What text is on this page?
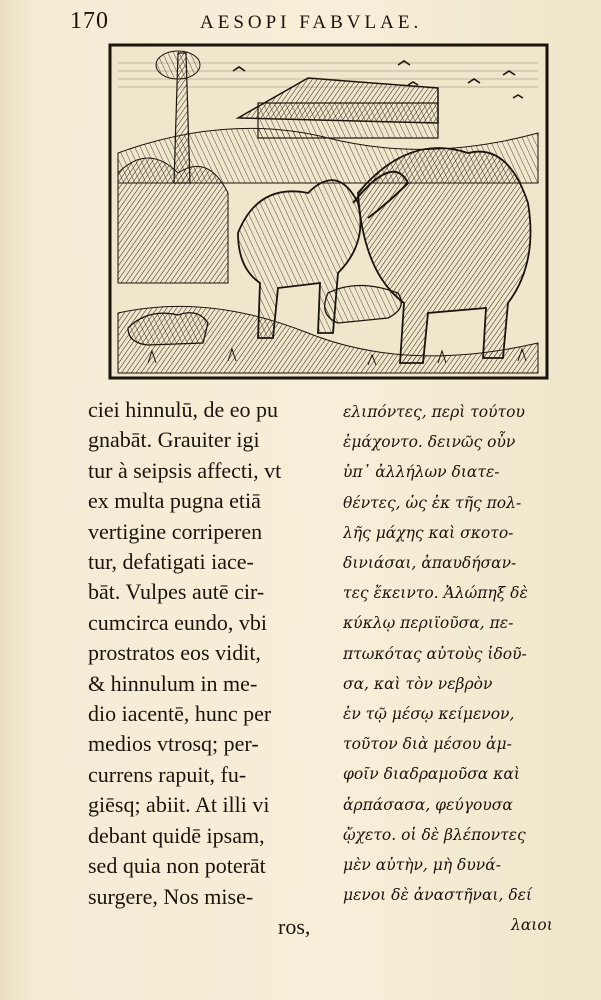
170	AESOPI FABVLAE.
ciei hinnulū, de eo pu
gnabāt. Grauiter igi
tur à seipsis affecti, vt
ex multa pugna etiā
vertigine corriperen
tur, defatigati iace-
bāt. Vulpes autē cir-
cumcirca eundo, vbi
prostratos eos vidit,
& hinnulum in me-
dio iacentē, hunc per
medios vtrosq; per-
currens rapuit, fu-
giēsq; abiit. At illi vi
debant quidē ipsam,
sed quia non poterāt
surgere, Nos mise-
ros,
ελιπόντες, περὶ τούτου
ἐμάχοντο. δεινῶς οὖν
ὑπ᾽ ἀλλήλων διατε-
θέντες, ὡς ἐκ τῆς πολ-
λῆς μάχης καὶ σκοτο-
δινιάσαι, ἀπαυδήσαν-
τες ἔκειντο. Ἀλώπηξ δὲ
κύκλῳ περιϊοῦσα, πε-
πτωκότας αὐτοὺς ἰδοῦ-
σα, καὶ τὸν νεβρὸν
ἐν τῷ μέσῳ κείμενον,
τοῦτον διὰ μέσου ἀμ-
φοῖν διαδραμοῦσα καὶ
ἁρπάσασα, φεύγουσα
ᾤχετο. οἱ δὲ βλέποντες
μὲν αὐτὴν, μὴ δυνά-
μενοι δὲ ἀναστῆναι, δεί
λαιοι
